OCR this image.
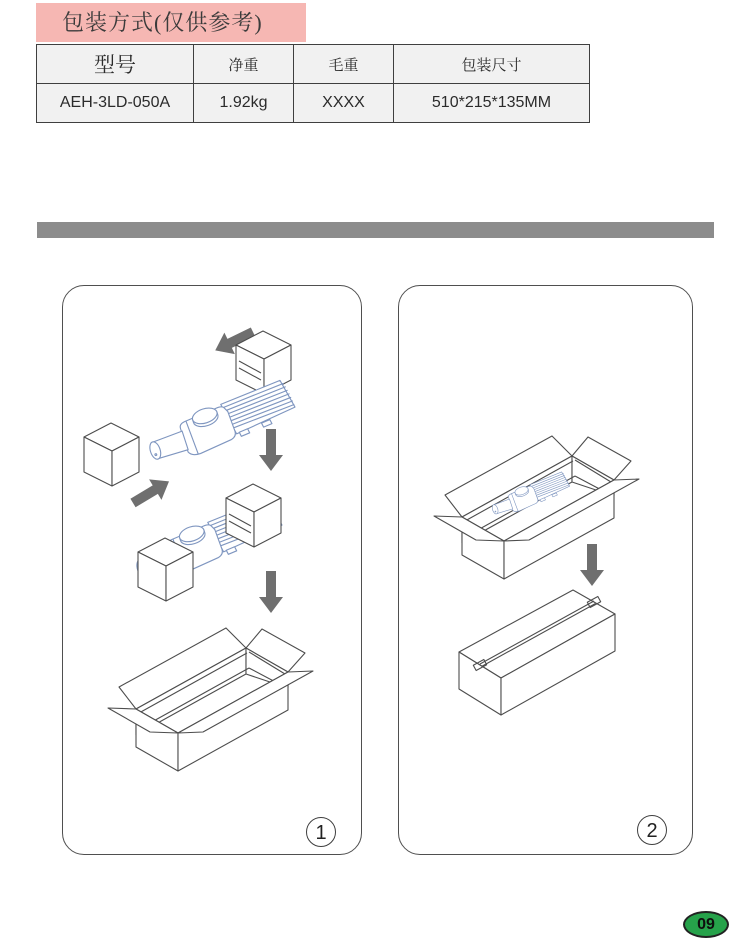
包装方式(仅供参考)
型号	净重	毛重	包装尺寸
AEH-3LD-050A	1.92kg	XXXX	510*215*135MM
1	2
09
